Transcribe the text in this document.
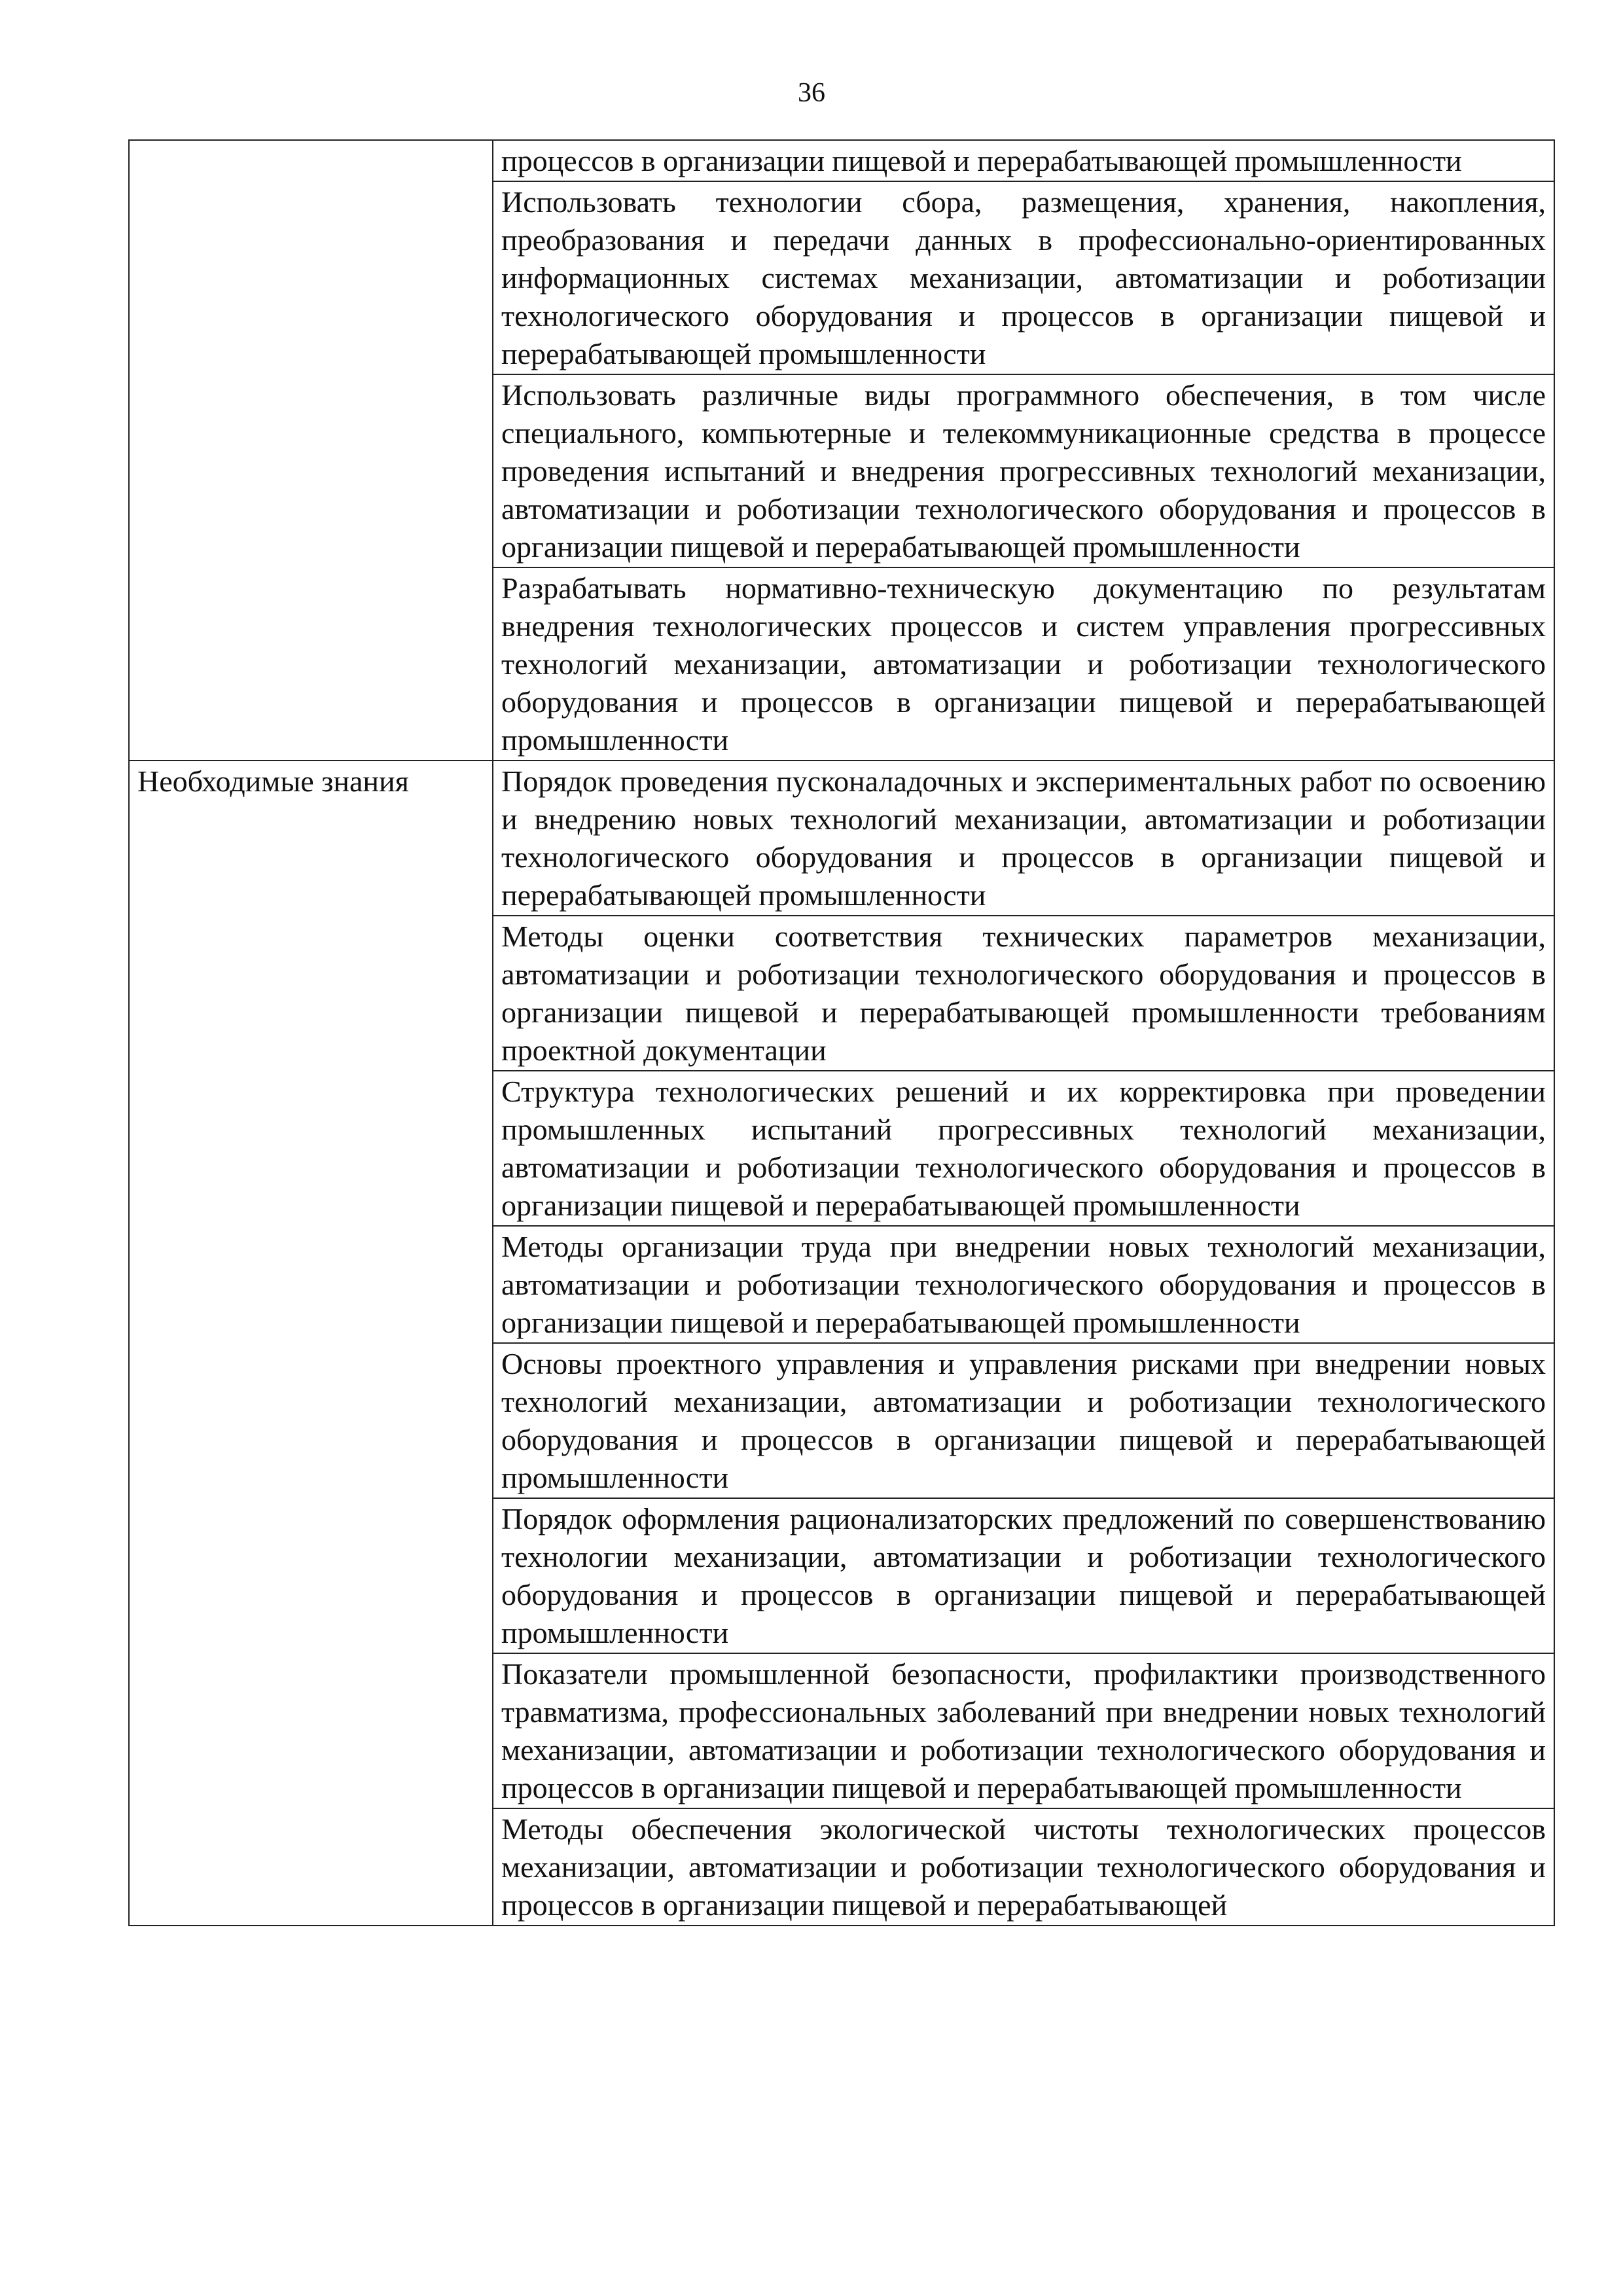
36
	процессов в организации пищевой и перерабатывающей промышленности
	Использовать технологии сбора, размещения, хранения, накопления, преобразования и передачи данных в профессионально-ориентированных информационных системах механизации, автоматизации и роботизации технологического оборудования и процессов в организации пищевой и перерабатывающей промышленности
	Использовать различные виды программного обеспечения, в том числе специального, компьютерные и телекоммуникационные средства в процессе проведения испытаний и внедрения прогрессивных технологий механизации, автоматизации и роботизации технологического оборудования и процессов в организации пищевой и перерабатывающей промышленности
	Разрабатывать нормативно-техническую документацию по результатам внедрения технологических процессов и систем управления прогрессивных технологий механизации, автоматизации и роботизации технологического оборудования и процессов в организации пищевой и перерабатывающей промышленности
Необходимые знания	Порядок проведения пусконаладочных и экспериментальных работ по освоению и внедрению новых технологий механизации, автоматизации и роботизации технологического оборудования и процессов в организации пищевой и перерабатывающей промышленности
	Методы оценки соответствия технических параметров механизации, автоматизации и роботизации технологического оборудования и процессов в организации пищевой и перерабатывающей промышленности требованиям проектной документации
	Структура технологических решений и их корректировка при проведении промышленных испытаний прогрессивных технологий механизации, автоматизации и роботизации технологического оборудования и процессов в организации пищевой и перерабатывающей промышленности
	Методы организации труда при внедрении новых технологий механизации, автоматизации и роботизации технологического оборудования и процессов в организации пищевой и перерабатывающей промышленности
	Основы проектного управления и управления рисками при внедрении новых технологий механизации, автоматизации и роботизации технологического оборудования и процессов в организации пищевой и перерабатывающей промышленности
	Порядок оформления рационализаторских предложений по совершенствованию технологии механизации, автоматизации и роботизации технологического оборудования и процессов в организации пищевой и перерабатывающей промышленности
	Показатели промышленной безопасности, профилактики производственного травматизма, профессиональных заболеваний при внедрении новых технологий механизации, автоматизации и роботизации технологического оборудования и процессов в организации пищевой и перерабатывающей промышленности
	Методы обеспечения экологической чистоты технологических процессов механизации, автоматизации и роботизации технологического оборудования и процессов в организации пищевой и перерабатывающей
